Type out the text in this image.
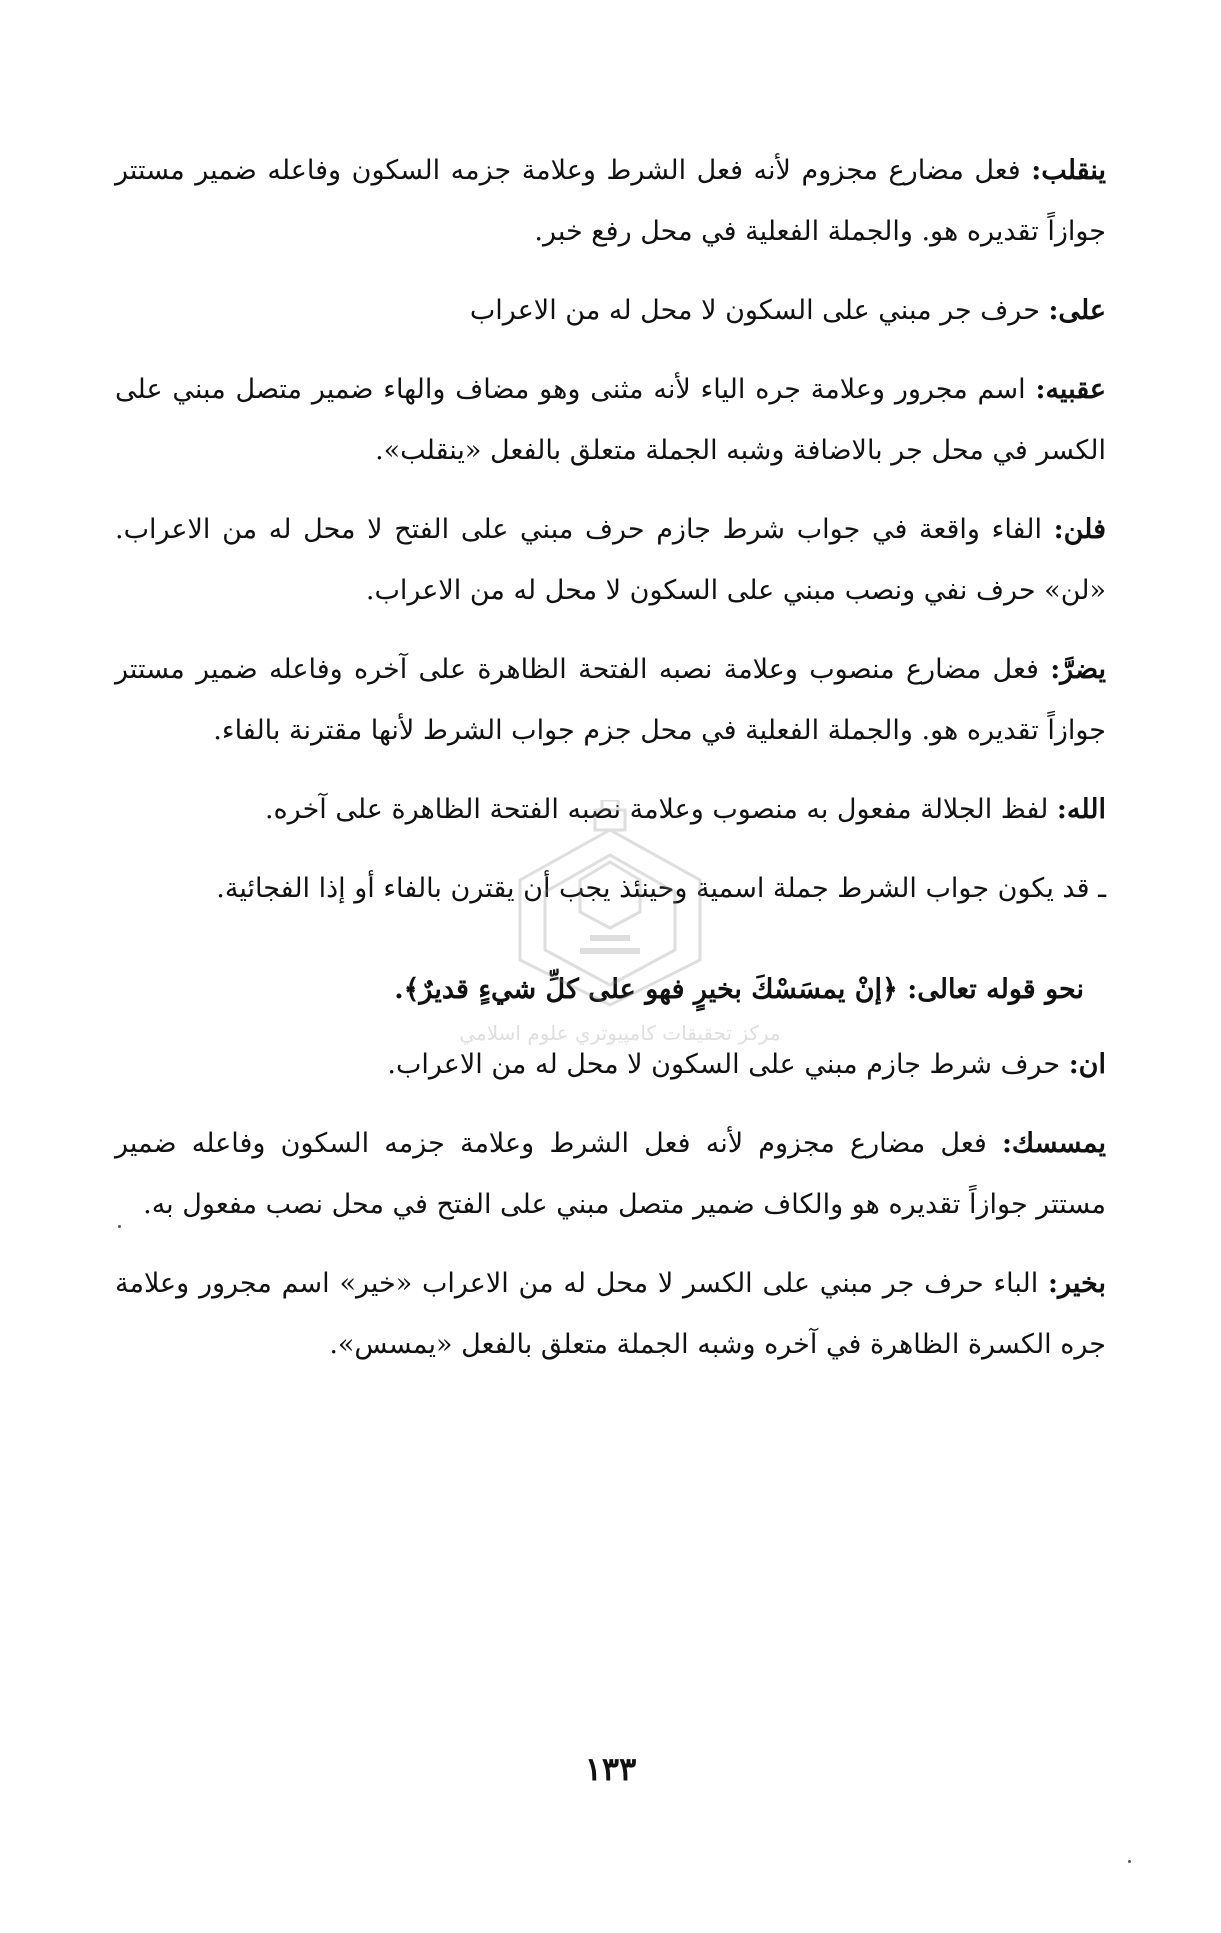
ينقلب: فعل مضارع مجزوم لأنه فعل الشرط وعلامة جزمه السكون وفاعله ضمير مستتر جوازاً تقديره هو. والجملة الفعلية في محل رفع خبر.

على: حرف جر مبني على السكون لا محل له من الاعراب

عقبيه: اسم مجرور وعلامة جره الياء لأنه مثنى وهو مضاف والهاء ضمير متصل مبني على الكسر في محل جر بالاضافة وشبه الجملة متعلق بالفعل «ينقلب».

فلن: الفاء واقعة في جواب شرط جازم حرف مبني على الفتح لا محل له من الاعراب. «لن» حرف نفي ونصب مبني على السكون لا محل له من الاعراب.

يضرَّ: فعل مضارع منصوب وعلامة نصبه الفتحة الظاهرة على آخره وفاعله ضمير مستتر جوازاً تقديره هو. والجملة الفعلية في محل جزم جواب الشرط لأنها مقترنة بالفاء.

الله: لفظ الجلالة مفعول به منصوب وعلامة نصبه الفتحة الظاهرة على آخره.

ـ قد يكون جواب الشرط جملة اسمية وحينئذ يجب أن يقترن بالفاء أو إذا الفجائية.

نحو قوله تعالى: ﴿إنْ يمسَسْكَ بخيرٍ فهو على كلِّ شيءٍ قديرٌ﴾.

ان: حرف شرط جازم مبني على السكون لا محل له من الاعراب.

يمسسك: فعل مضارع مجزوم لأنه فعل الشرط وعلامة جزمه السكون وفاعله ضمير مستتر جوازاً تقديره هو والكاف ضمير متصل مبني على الفتح في محل نصب مفعول به.

بخير: الباء حرف جر مبني على الكسر لا محل له من الاعراب «خير» اسم مجرور وعلامة جره الكسرة الظاهرة في آخره وشبه الجملة متعلق بالفعل «يمسس».

١٣٣
مركز تحقيقات كامپيوتري علوم اسلامي
